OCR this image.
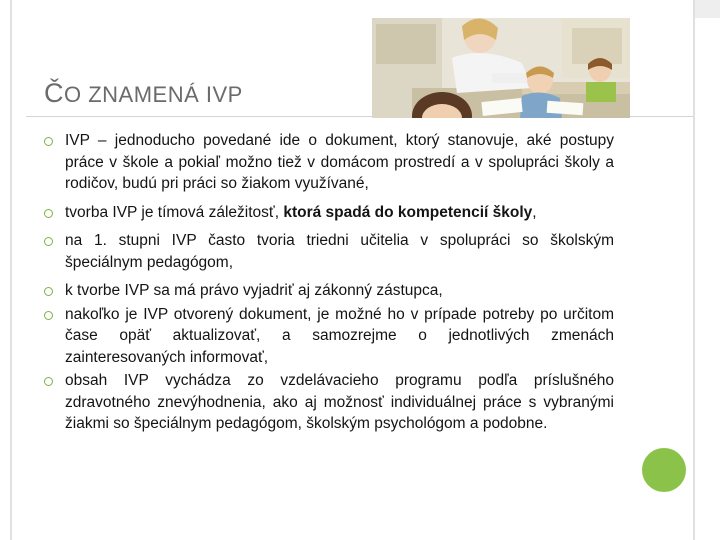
ČO ZNAMENÁ IVP
IVP – jednoducho povedané ide o dokument, ktorý stanovuje, aké postupy práce v škole a pokiaľ možno tiež v domácom prostredí a v spolupráci školy a rodičov, budú pri práci so žiakom využívané,
tvorba IVP je tímová záležitosť, ktorá spadá do kompetencií školy,
na 1. stupni IVP často tvoria triedni učitelia v spolupráci so školským špeciálnym pedagógom,
k tvorbe IVP sa má právo vyjadriť aj zákonný zástupca,
nakoľko je IVP otvorený dokument, je možné ho v prípade potreby po určitom čase opäť aktualizovať, a samozrejme o jednotlivých zmenách zainteresovaných informovať,
obsah IVP vychádza zo vzdelávacieho programu podľa príslušného zdravotného znevýhodnenia, ako aj možnosť individuálnej práce s vybranými žiakmi so špeciálnym pedagógom, školským psychológom a podobne.
